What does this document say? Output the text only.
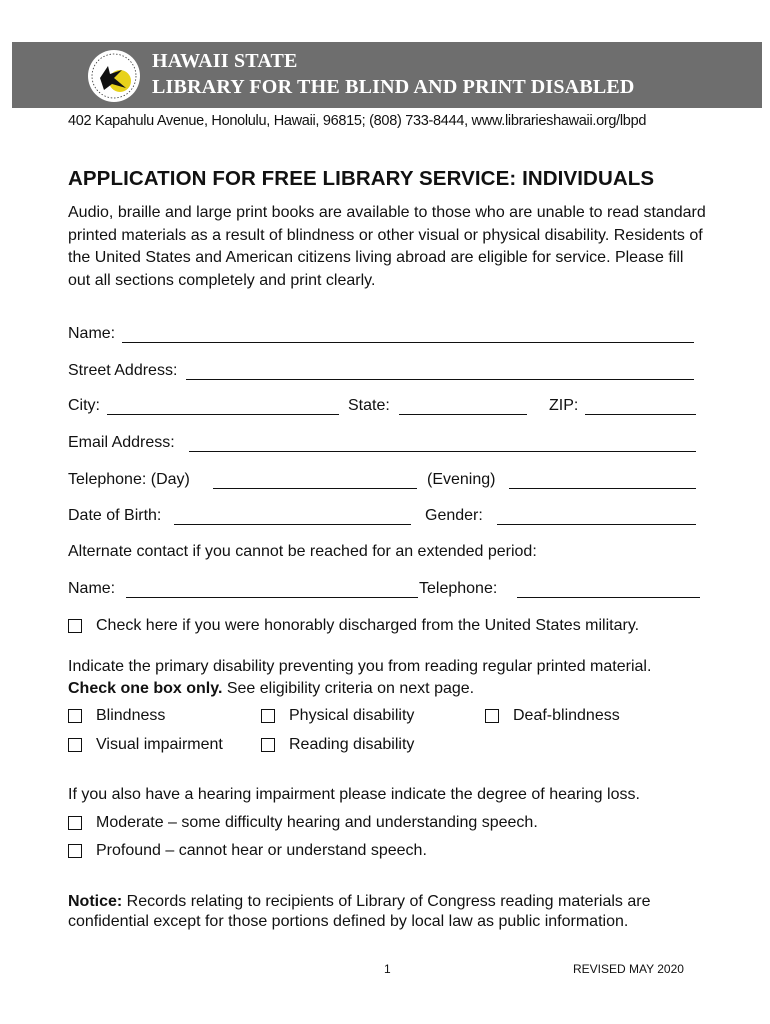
HAWAII STATE
LIBRARY FOR THE BLIND AND PRINT DISABLED
402 Kapahulu Avenue, Honolulu, Hawaii, 96815; (808) 733-8444, www.librarieshawaii.org/lbpd
APPLICATION FOR FREE LIBRARY SERVICE: INDIVIDUALS
Audio, braille and large print books are available to those who are unable to read standard printed materials as a result of blindness or other visual or physical disability. Residents of the United States and American citizens living abroad are eligible for service. Please fill out all sections completely and print clearly.
Name:
Street Address:
City:	State:	ZIP:
Email Address:
Telephone: (Day)	(Evening)
Date of Birth:	Gender:
Alternate contact if you cannot be reached for an extended period:
Name:	Telephone:
Check here if you were honorably discharged from the United States military.
Indicate the primary disability preventing you from reading regular printed material.
Check one box only. See eligibility criteria on next page.
Blindness	Physical disability	Deaf-blindness
Visual impairment	Reading disability
If you also have a hearing impairment please indicate the degree of hearing loss.
Moderate – some difficulty hearing and understanding speech.
Profound – cannot hear or understand speech.
Notice: Records relating to recipients of Library of Congress reading materials are confidential except for those portions defined by local law as public information.
1	REVISED MAY 2020
